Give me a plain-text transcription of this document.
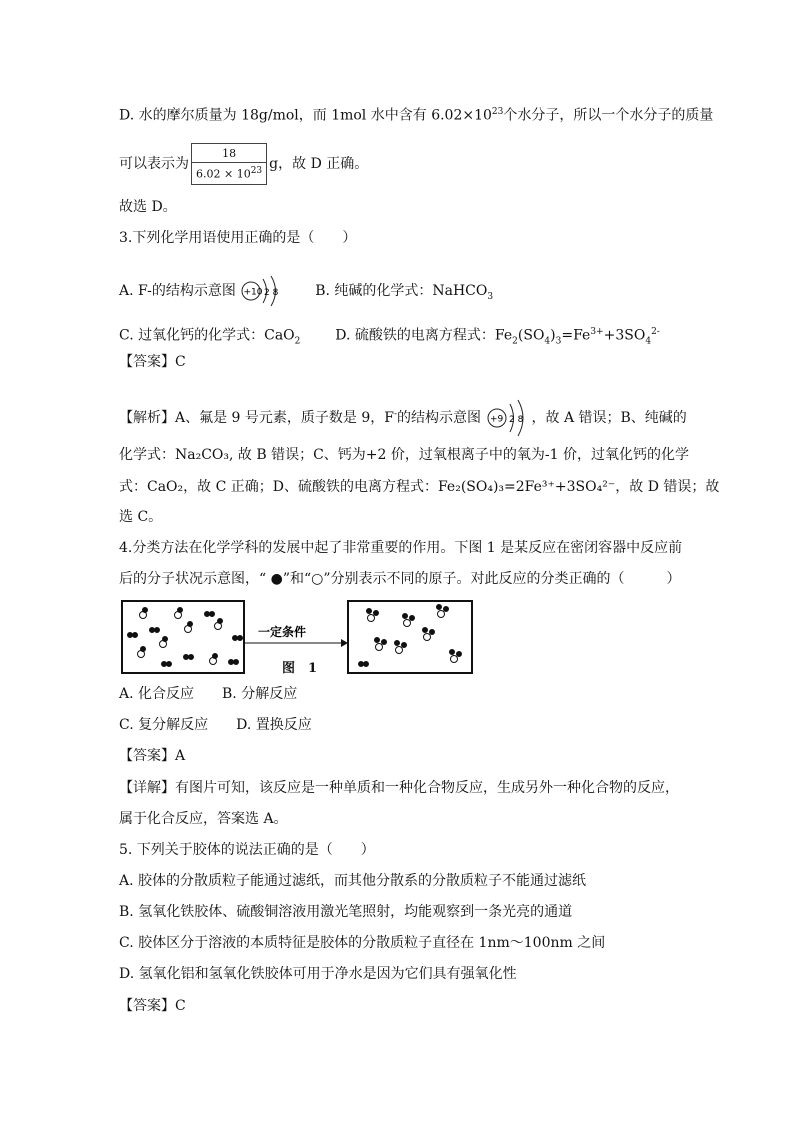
D. 水的摩尔质量为 18g/mol，而 1mol 水中含有 $6.02\times 10^{23}$个水分子，所以一个水分子的质量
可以表示为 $\frac{18}{6.02 \times 10^{23}}$ g，故 D 正确。
故选 D。
3.下列化学用语使用正确的是（　　）
A. F-的结构示意图 +10 2 8	B. 纯碱的化学式：NaHCO$_3$
C. 过氧化钙的化学式：CaO$_2$ D. 硫酸铁的电离方程式：$Fe_2(SO_4)_3=Fe^{3+}+3SO_4^{2-}$
【答案】C
【解析】A、氟是 9 号元素，质子数是 9，F-的结构示意图 +9 2 8 ，故 A 错误；B、纯碱的
化学式：Na₂CO₃, 故 B 错误；C、钙为+2 价，过氧根离子中的氧为-1 价，过氧化钙的化学
式：CaO₂，故 C 正确；D、硫酸铁的电离方程式：Fe₂(SO₄)₃=2Fe³⁺+3SO₄²⁻，故 D 错误；故
选 C。
4.分类方法在化学学科的发展中起了非常重要的作用。下图 1 是某反应在密闭容器中反应前
后的分子状况示意图，“ ●”和“○”分别表示不同的原子。对此反应的分类正确的（　　　）
一定条件
图　1
A. 化合反应　　B. 分解反应
C. 复分解反应　　D. 置换反应
【答案】A
【详解】有图片可知，该反应是一种单质和一种化合物反应，生成另外一种化合物的反应，
属于化合反应，答案选 A。
5. 下列关于胶体的说法正确的是（　　）
A. 胶体的分散质粒子能通过滤纸，而其他分散系的分散质粒子不能通过滤纸
B. 氢氧化铁胶体、硫酸铜溶液用激光笔照射，均能观察到一条光亮的通道
C. 胶体区分于溶液的本质特征是胶体的分散质粒子直径在 1nm～100nm 之间
D. 氢氧化铝和氢氧化铁胶体可用于净水是因为它们具有强氧化性
【答案】C
